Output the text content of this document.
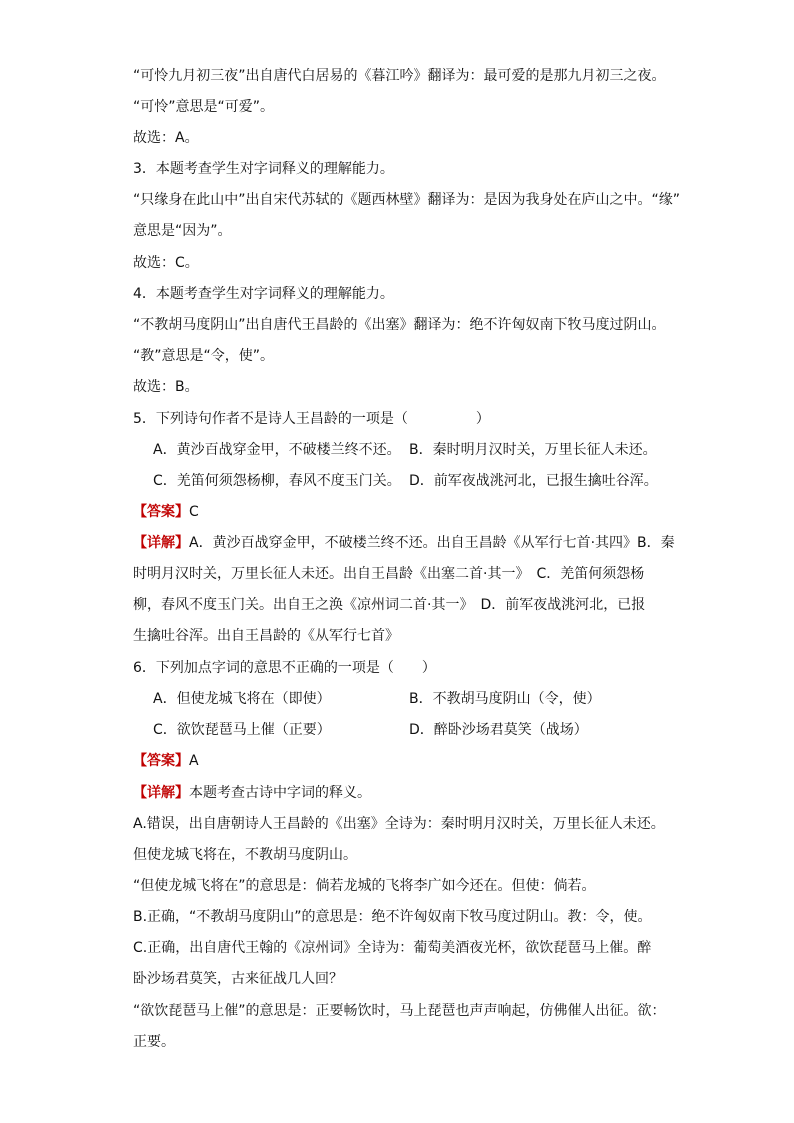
“可怜九月初三夜”出自唐代白居易的《暮江吟》翻译为：最可爱的是那九月初三之夜。
“可怜”意思是“可爱”。
故选：A。
3．本题考查学生对字词释义的理解能力。
“只缘身在此山中”出自宋代苏轼的《题西林壁》翻译为：是因为我身处在庐山之中。“缘”
意思是“因为”。
故选：C。
4．本题考查学生对字词释义的理解能力。
“不教胡马度阴山”出自唐代王昌龄的《出塞》翻译为：绝不许匈奴南下牧马度过阴山。
“教”意思是“令，使”。
故选：B。
5．下列诗句作者不是诗人王昌龄的一项是（	）
A．黄沙百战穿金甲，不破楼兰终不还。 B．秦时明月汉时关，万里长征人未还。
C．羌笛何须怨杨柳，春风不度玉门关。 D．前军夜战洮河北，已报生擒吐谷浑。
【答案】C
【详解】A．黄沙百战穿金甲，不破楼兰终不还。出自王昌龄《从军行七首·其四》B．秦
时明月汉时关，万里长征人未还。出自王昌龄《出塞二首·其一》　C．羌笛何须怨杨
柳，春风不度玉门关。出自王之涣《凉州词二首·其一》　D．前军夜战洮河北，已报
生擒吐谷浑。出自王昌龄的《从军行七首》
6．下列加点字词的意思不正确的一项是（　　）
A．但使龙城飞将在（即使）	B．不教胡马度阴山（令，使）
C．欲饮琵琶马上催（正要）	D．醉卧沙场君莫笑（战场）
【答案】A
【详解】本题考查古诗中字词的释义。
A.错误，出自唐朝诗人王昌龄的《出塞》全诗为：秦时明月汉时关，万里长征人未还。
但使龙城飞将在，不教胡马度阴山。
“但使龙城飞将在”的意思是：倘若龙城的飞将李广如今还在。但使：倘若。
B.正确，“不教胡马度阴山”的意思是：绝不许匈奴南下牧马度过阴山。教：令，使。
C.正确，出自唐代王翰的《凉州词》全诗为：葡萄美酒夜光杯，欲饮琵琶马上催。醉
卧沙场君莫笑，古来征战几人回？
“欲饮琵琶马上催”的意思是：正要畅饮时，马上琵琶也声声响起，仿佛催人出征。欲：
正要。
